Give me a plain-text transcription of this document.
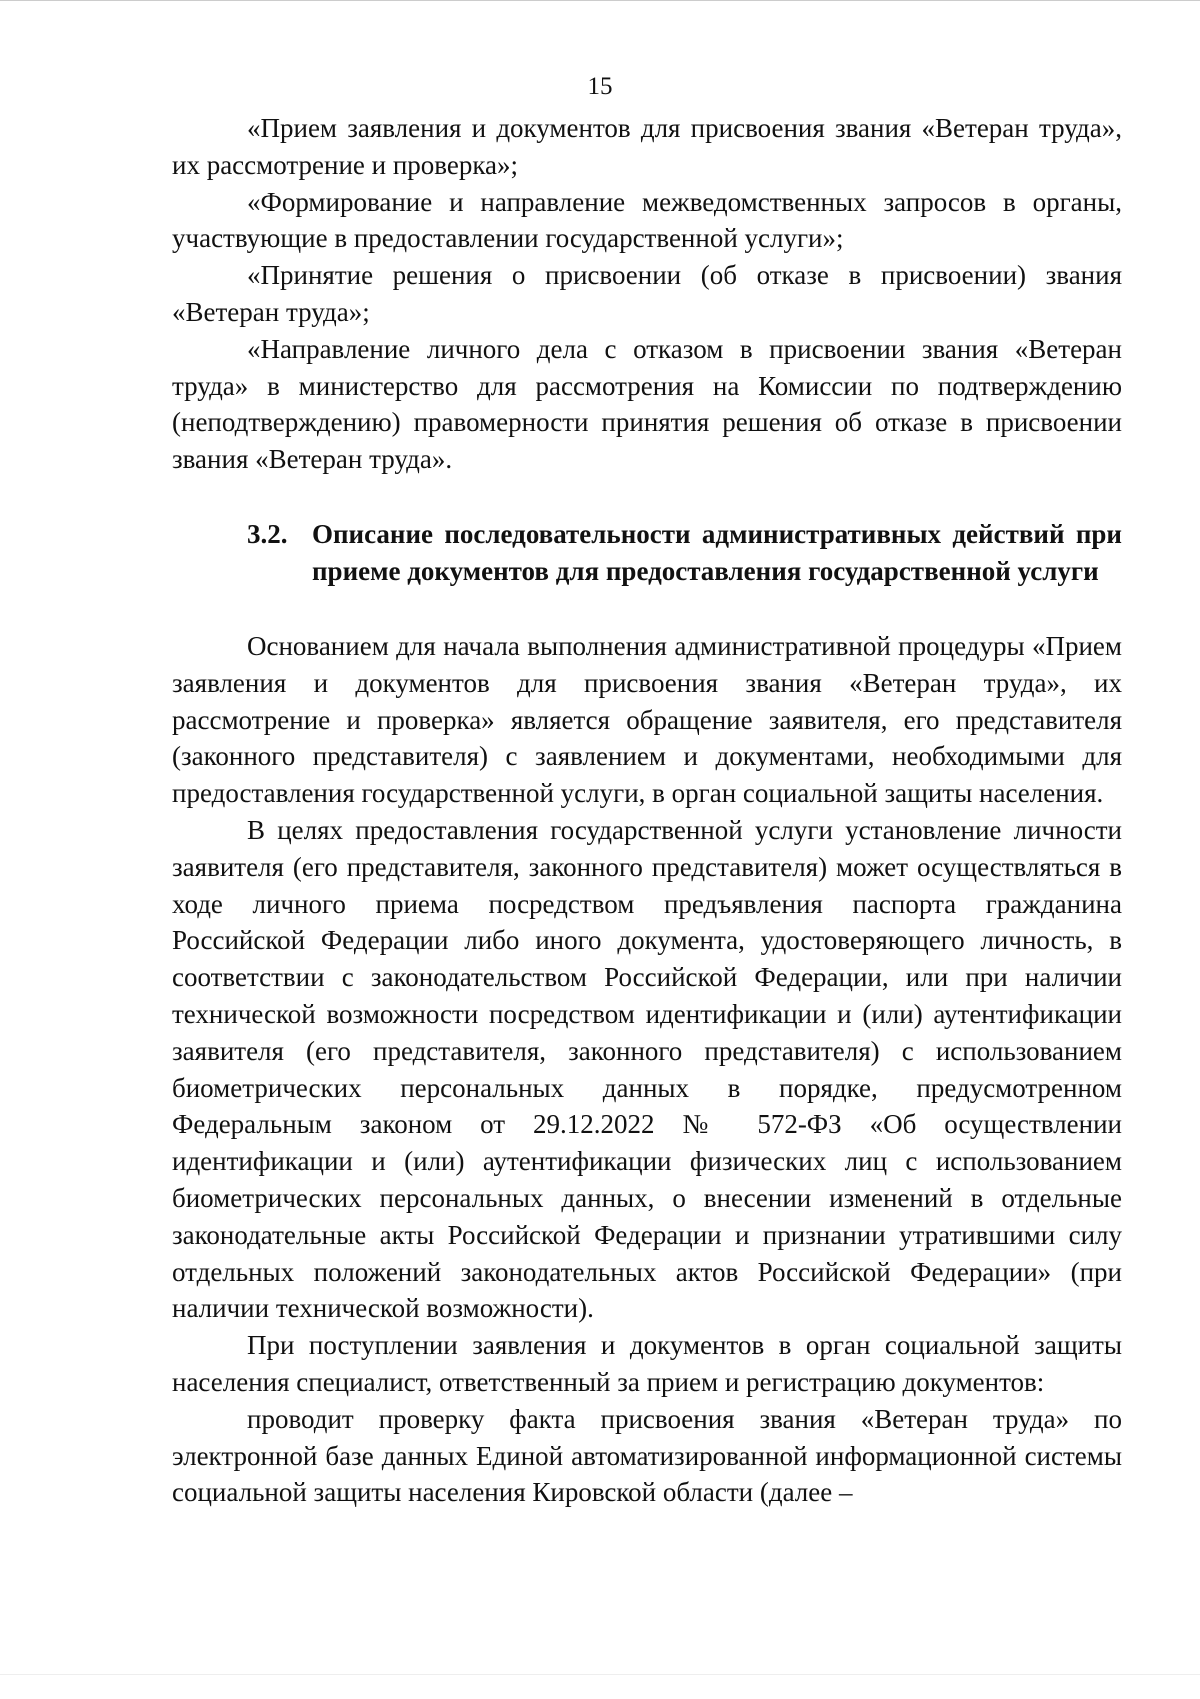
15

«Прием заявления и документов для присвоения звания «Ветеран труда», их рассмотрение и проверка»;

«Формирование и направление межведомственных запросов в органы, участвующие в предоставлении государственной услуги»;

«Принятие решения о присвоении (об отказе в присвоении) звания «Ветеран труда»;

«Направление личного дела с отказом в присвоении звания «Ветеран труда» в министерство для рассмотрения на Комиссии по подтверждению (неподтверждению) правомерности принятия решения об отказе в присвоении звания «Ветеран труда».

3.2. Описание последовательности административных действий при приеме документов для предоставления государственной услуги

Основанием для начала выполнения административной процедуры «Прием заявления и документов для присвоения звания «Ветеран труда», их рассмотрение и проверка» является обращение заявителя, его представителя (законного представителя) с заявлением и документами, необходимыми для предоставления государственной услуги, в орган социальной защиты населения.

В целях предоставления государственной услуги установление личности заявителя (его представителя, законного представителя) может осуществляться в ходе личного приема посредством предъявления паспорта гражданина Российской Федерации либо иного документа, удостоверяющего личность, в соответствии с законодательством Российской Федерации, или при наличии технической возможности посредством идентификации и (или) аутентификации заявителя (его представителя, законного представителя) с использованием биометрических персональных данных в порядке, предусмотренном Федеральным законом от 29.12.2022 № 572-ФЗ «Об осуществлении идентификации и (или) аутентификации физических лиц с использованием биометрических персональных данных, о внесении изменений в отдельные законодательные акты Российской Федерации и признании утратившими силу отдельных положений законодательных актов Российской Федерации» (при наличии технической возможности).

При поступлении заявления и документов в орган социальной защиты населения специалист, ответственный за прием и регистрацию документов:

проводит проверку факта присвоения звания «Ветеран труда» по электронной базе данных Единой автоматизированной информационной системы социальной защиты населения Кировской области (далее –
